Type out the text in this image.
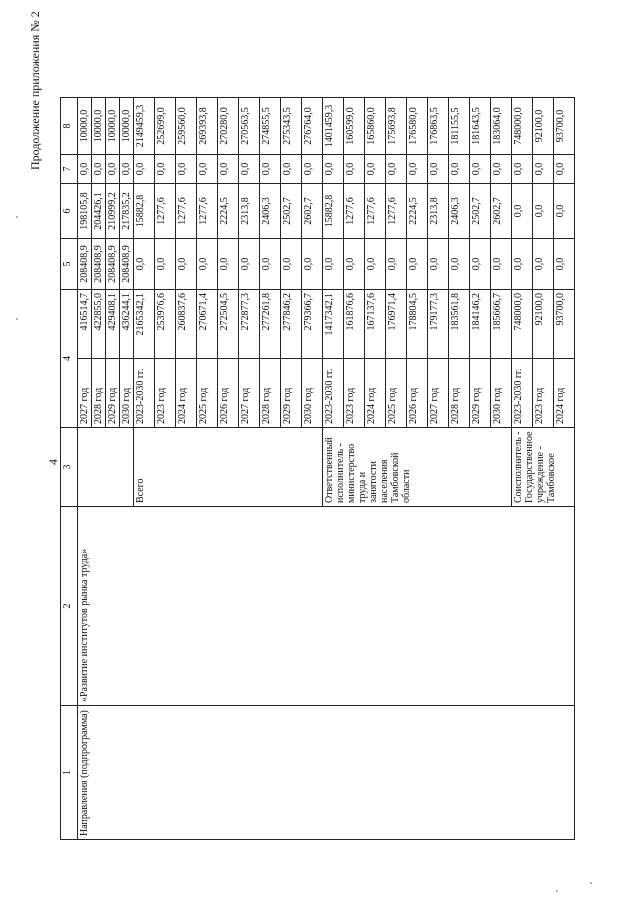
4
Продолжение приложения № 2
1	2	3	4		5	6	7	8
Направления (подпрограмма)	«Развитие институтов рынка труда»		2027 год	416514,7	208408,9	198105,8	0,0	10000,0
			2028 год	422855,0	208408,9	204426,1	0,0	10000,0
			2029 год	429408,1	208408,9	210999,2	0,0	10000,0
			2030 год	436244,1	208408,9	217835,2	0,0	10000,0
		Всего	2023-2030 гг.	2165342,1	0,0	15882,8	0,0	2149459,3
			2023 год	253976,6	0,0	1277,6	0,0	252699,0
			2024 год	260837,6	0,0	1277,6	0,0	259560,0
			2025 год	270671,4	0,0	1277,6	0,0	269393,8
			2026 год	272504,5	0,0	2224,5	0,0	270280,0
			2027 год	272877,3	0,0	2313,8	0,0	270563,5
			2028 год	277261,8	0,0	2406,3	0,0	274855,5
			2029 год	277846,2	0,0	2502,7	0,0	275343,5
			2030 год	279366,7	0,0	2602,7	0,0	276764,0
		Ответственный исполнитель - министерство труда и занятости населения Тамбовской области	2023-2030 гг.	1417342,1	0,0	15882,8	0,0	1401459,3
			2023 год	161876,6	0,0	1277,6	0,0	160599,0
			2024 год	167137,6	0,0	1277,6	0,0	165860,0
			2025 год	176971,4	0,0	1277,6	0,0	175693,8
			2026 год	178804,5	0,0	2224,5	0,0	176580,0
			2027 год	179177,3	0,0	2313,8	0,0	176863,5
			2028 год	183561,8	0,0	2406,3	0,0	181155,5
			2029 год	184146,2	0,0	2502,7	0,0	181643,5
			2030 год	185666,7	0,0	2602,7	0,0	183064,0
		Соисполнитель - Государственное учреждение - Тамбовское	2023-2030 гг.	748000,0	0,0	0,0	0,0	748000,0
			2023 год	92100,0	0,0	0,0	0,0	92100,0
			2024 год	93700,0	0,0	0,0	0,0	93700,0
